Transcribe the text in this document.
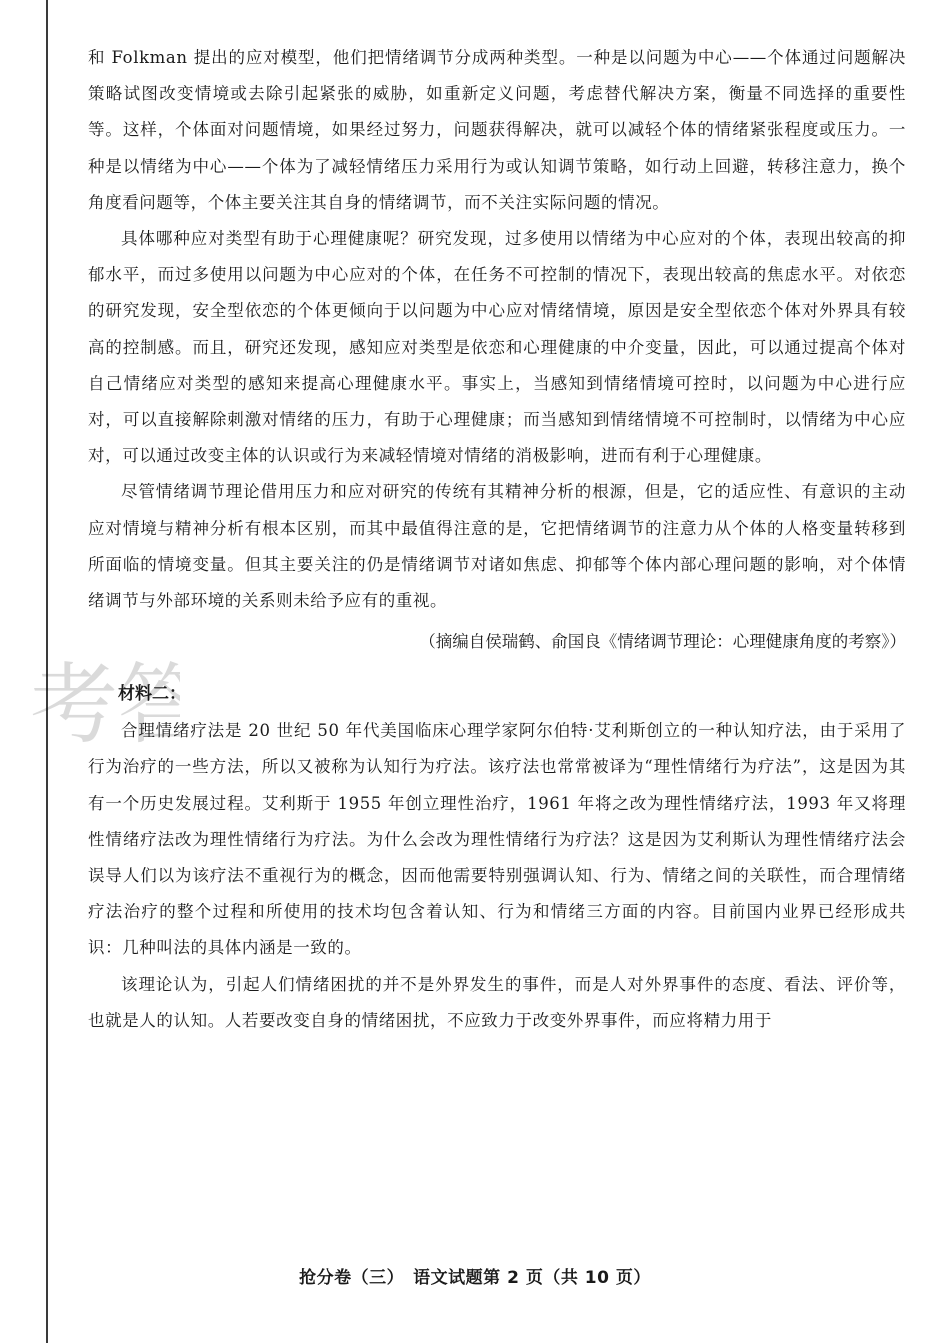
考答

和 Folkman 提出的应对模型，他们把情绪调节分成两种类型。一种是以问题为中心——个体通过问题解决策略试图改变情境或去除引起紧张的威胁，如重新定义问题，考虑替代解决方案，衡量不同选择的重要性等。这样，个体面对问题情境，如果经过努力，问题获得解决，就可以减轻个体的情绪紧张程度或压力。一种是以情绪为中心——个体为了减轻情绪压力采用行为或认知调节策略，如行动上回避，转移注意力，换个角度看问题等，个体主要关注其自身的情绪调节，而不关注实际问题的情况。

具体哪种应对类型有助于心理健康呢？研究发现，过多使用以情绪为中心应对的个体，表现出较高的抑郁水平，而过多使用以问题为中心应对的个体，在任务不可控制的情况下，表现出较高的焦虑水平。对依恋的研究发现，安全型依恋的个体更倾向于以问题为中心应对情绪情境，原因是安全型依恋个体对外界具有较高的控制感。而且，研究还发现，感知应对类型是依恋和心理健康的中介变量，因此，可以通过提高个体对自己情绪应对类型的感知来提高心理健康水平。事实上，当感知到情绪情境可控时，以问题为中心进行应对，可以直接解除刺激对情绪的压力，有助于心理健康；而当感知到情绪情境不可控制时，以情绪为中心应对，可以通过改变主体的认识或行为来减轻情境对情绪的消极影响，进而有利于心理健康。

尽管情绪调节理论借用压力和应对研究的传统有其精神分析的根源，但是，它的适应性、有意识的主动应对情境与精神分析有根本区别，而其中最值得注意的是，它把情绪调节的注意力从个体的人格变量转移到所面临的情境变量。但其主要关注的仍是情绪调节对诸如焦虑、抑郁等个体内部心理问题的影响，对个体情绪调节与外部环境的关系则未给予应有的重视。

（摘编自侯瑞鹤、俞国良《情绪调节理论：心理健康角度的考察》）

材料二：

合理情绪疗法是 20 世纪 50 年代美国临床心理学家阿尔伯特·艾利斯创立的一种认知疗法，由于采用了行为治疗的一些方法，所以又被称为认知行为疗法。该疗法也常常被译为“理性情绪行为疗法”，这是因为其有一个历史发展过程。艾利斯于 1955 年创立理性治疗，1961 年将之改为理性情绪疗法，1993 年又将理性情绪疗法改为理性情绪行为疗法。为什么会改为理性情绪行为疗法？这是因为艾利斯认为理性情绪疗法会误导人们以为该疗法不重视行为的概念，因而他需要特别强调认知、行为、情绪之间的关联性，而合理情绪疗法治疗的整个过程和所使用的技术均包含着认知、行为和情绪三方面的内容。目前国内业界已经形成共识：几种叫法的具体内涵是一致的。

该理论认为，引起人们情绪困扰的并不是外界发生的事件，而是人对外界事件的态度、看法、评价等，也就是人的认知。人若要改变自身的情绪困扰，不应致力于改变外界事件，而应将精力用于

抢分卷（三）　语文试题第 2 页（共 10 页）
